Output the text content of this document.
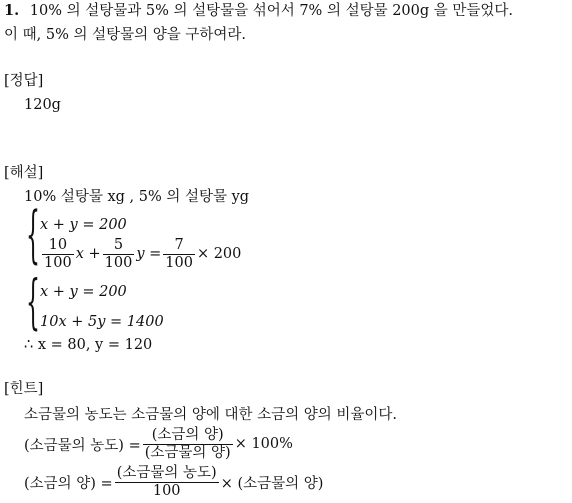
1. 10% 의 설탕물과 5% 의 설탕물을 섞어서 7% 의 설탕물 200g 을 만들었다.
이 때, 5% 의 설탕물의 양을 구하여라.
[정답]
120g
[해설]
10% 설탕물 xg , 5% 의 설탕물 yg
{ x + y = 200
$\frac{10}{100}$ $x + \frac{5}{100}$ $y = \frac{7}{100} \times 200$
{ x + y = 200
10x + 5y = 1400
∴ x = 80, y = 120
[힌트]
소금물의 농도는 소금물의 양에 대한 소금의 양의 비율이다.
(소금물의 농도) = $\frac{\text{(소금의 양)}}{\text{(소금물의 양)}} \times 100\%$
(소금의 양) = $\frac{\text{(소금물의 농도)}}{100}$ × (소금물의 양)
